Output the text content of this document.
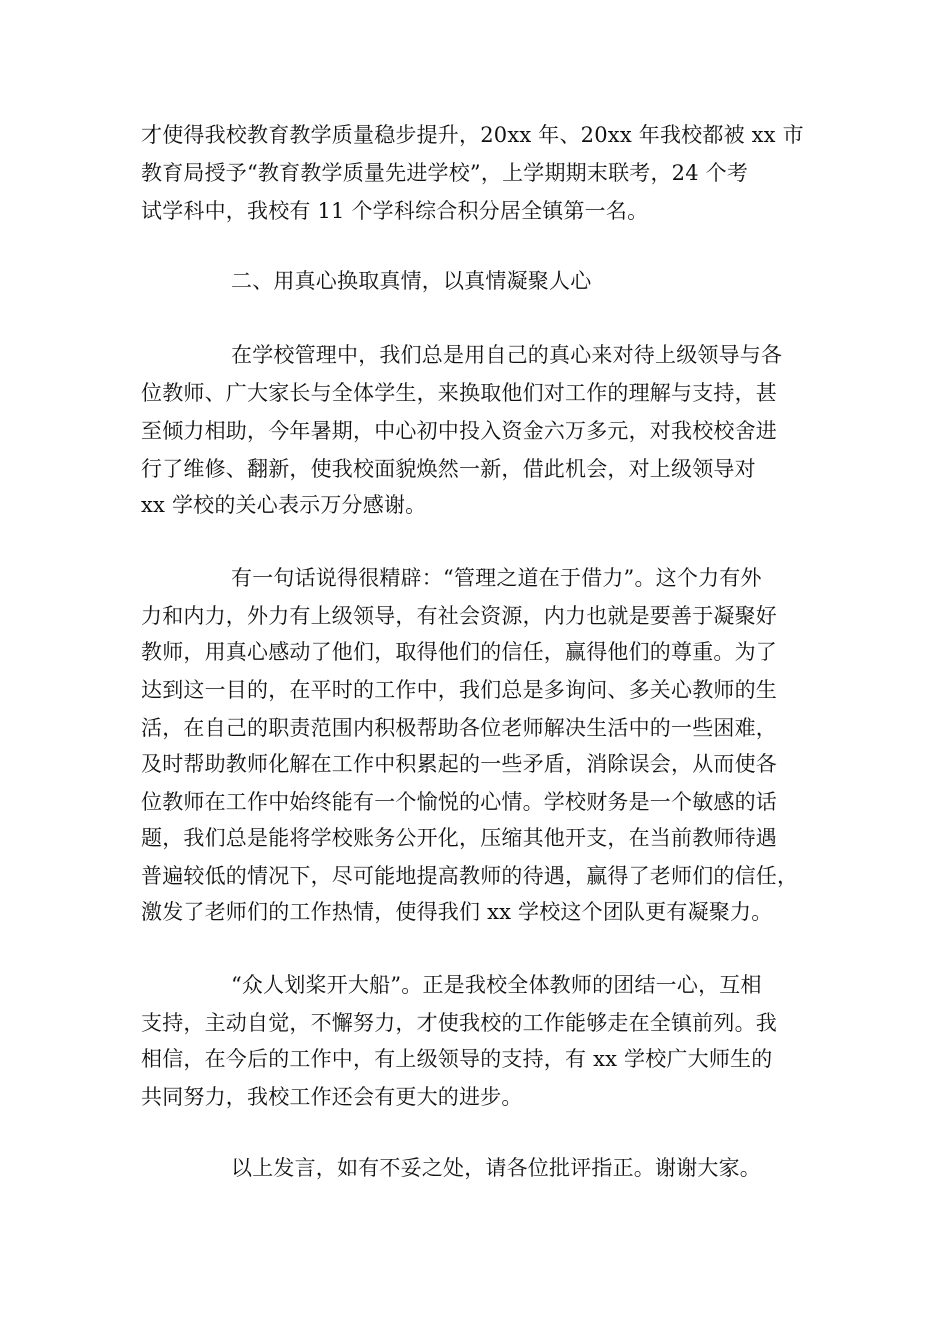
才使得我校教育教学质量稳步提升，20xx 年、20xx 年我校都被 xx 市
教育局授予“教育教学质量先进学校”，上学期期末联考，24 个考
试学科中，我校有 11 个学科综合积分居全镇第一名。
二、用真心换取真情，以真情凝聚人心
在学校管理中，我们总是用自己的真心来对待上级领导与各
位教师、广大家长与全体学生，来换取他们对工作的理解与支持，甚
至倾力相助，今年暑期，中心初中投入资金六万多元，对我校校舍进
行了维修、翻新，使我校面貌焕然一新，借此机会，对上级领导对
xx 学校的关心表示万分感谢。
有一句话说得很精辟：“管理之道在于借力”。这个力有外
力和内力，外力有上级领导，有社会资源，内力也就是要善于凝聚好
教师，用真心感动了他们，取得他们的信任，赢得他们的尊重。为了
达到这一目的，在平时的工作中，我们总是多询问、多关心教师的生
活，在自己的职责范围内积极帮助各位老师解决生活中的一些困难，
及时帮助教师化解在工作中积累起的一些矛盾，消除误会，从而使各
位教师在工作中始终能有一个愉悦的心情。学校财务是一个敏感的话
题，我们总是能将学校账务公开化，压缩其他开支，在当前教师待遇
普遍较低的情况下，尽可能地提高教师的待遇，赢得了老师们的信任，
激发了老师们的工作热情，使得我们 xx 学校这个团队更有凝聚力。
“众人划桨开大船”。正是我校全体教师的团结一心，互相
支持，主动自觉，不懈努力，才使我校的工作能够走在全镇前列。我
相信，在今后的工作中，有上级领导的支持，有 xx 学校广大师生的
共同努力，我校工作还会有更大的进步。
以上发言，如有不妥之处，请各位批评指正。谢谢大家。
